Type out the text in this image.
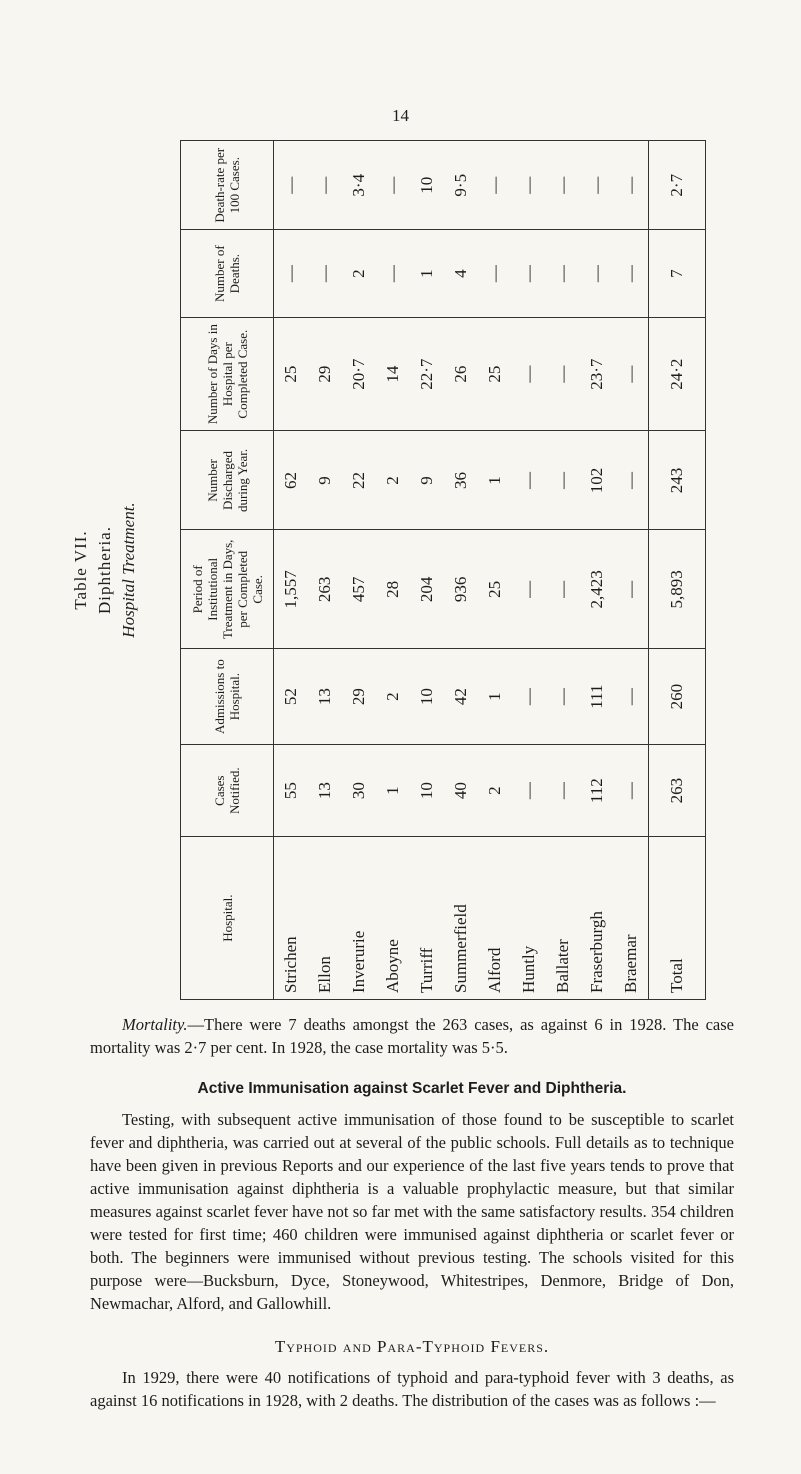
14
Table VII. Diphtheria. Hospital Treatment.
Hospital.	Cases Notified.	Admissions to Hospital.	Period of Institutional Treatment in Days, per Completed Case.	Number Discharged during Year.	Number of Days in Hospital per Completed Case.	Number of Deaths.	Death-rate per 100 Cases.
Strichen	55	52	1,557	62	25	—	—
Ellon	13	13	263	9	29	—	—
Inverurie	30	29	457	22	20·7	2	3·4
Aboyne	1	2	28	2	14	—	—
Turriff	10	10	204	9	22·7	1	10
Summerfield	40	42	936	36	26	4	9·5
Alford	2	1	25	1	25	—	—
Huntly	—	—	—	—	—	—	—
Ballater	—	—	—	—	—	—	—
Fraserburgh	112	111	2,423	102	23·7	—	—
Braemar	—	—	—	—	—	—	—
Total	263	260	5,893	243	24·2	7	2·7

Mortality.—There were 7 deaths amongst the 263 cases, as against 6 in 1928. The case mortality was 2·7 per cent. In 1928, the case mortality was 5·5.

Active Immunisation against Scarlet Fever and Diphtheria.

Testing, with subsequent active immunisation of those found to be susceptible to scarlet fever and diphtheria, was carried out at several of the public schools. Full details as to technique have been given in previous Reports and our experience of the last five years tends to prove that active immunisation against diphtheria is a valuable prophylactic measure, but that similar measures against scarlet fever have not so far met with the same satisfactory results. 354 children were tested for first time; 460 children were immunised against diphtheria or scarlet fever or both. The beginners were immunised without previous testing. The schools visited for this purpose were—Bucksburn, Dyce, Stoneywood, Whitestripes, Denmore, Bridge of Don, Newmachar, Alford, and Gallowhill.

Typhoid and Para-Typhoid Fevers.

In 1929, there were 40 notifications of typhoid and para-typhoid fever with 3 deaths, as against 16 notifications in 1928, with 2 deaths. The distribution of the cases was as follows :—
